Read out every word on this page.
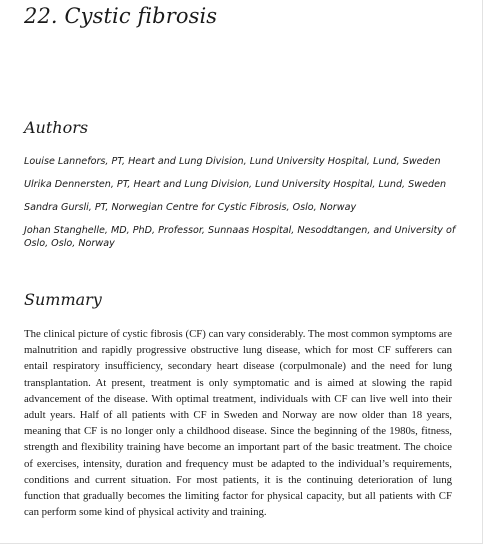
22. Cystic fibrosis
Authors
Louise Lannefors, PT, Heart and Lung Division, Lund University Hospital, Lund, Sweden
Ulrika Dennersten, PT, Heart and Lung Division, Lund University Hospital, Lund, Sweden
Sandra Gursli, PT, Norwegian Centre for Cystic Fibrosis, Oslo, Norway
Johan Stanghelle, MD, PhD, Professor, Sunnaas Hospital, Nesoddtangen, and University of Oslo, Oslo, Norway
Summary

The clinical picture of cystic fibrosis (CF) can vary considerably. The most common symptoms are malnutrition and rapidly progressive obstructive lung disease, which for most CF sufferers can entail respiratory insufficiency, secondary heart disease (corpulmonale) and the need for lung transplantation. At present, treatment is only symptomatic and is aimed at slowing the rapid advancement of the disease. With optimal treatment, individuals with CF can live well into their adult years. Half of all patients with CF in Sweden and Norway are now older than 18 years, meaning that CF is no longer only a childhood disease. Since the beginning of the 1980s, fitness, strength and flexibility training have become an important part of the basic treatment. The choice of exercises, intensity, duration and frequency must be adapted to the individual’s requirements, conditions and current situation. For most patients, it is the continuing deterioration of lung function that gradually becomes the limiting factor for physical capacity, but all patients with CF can perform some kind of physical activity and training.
